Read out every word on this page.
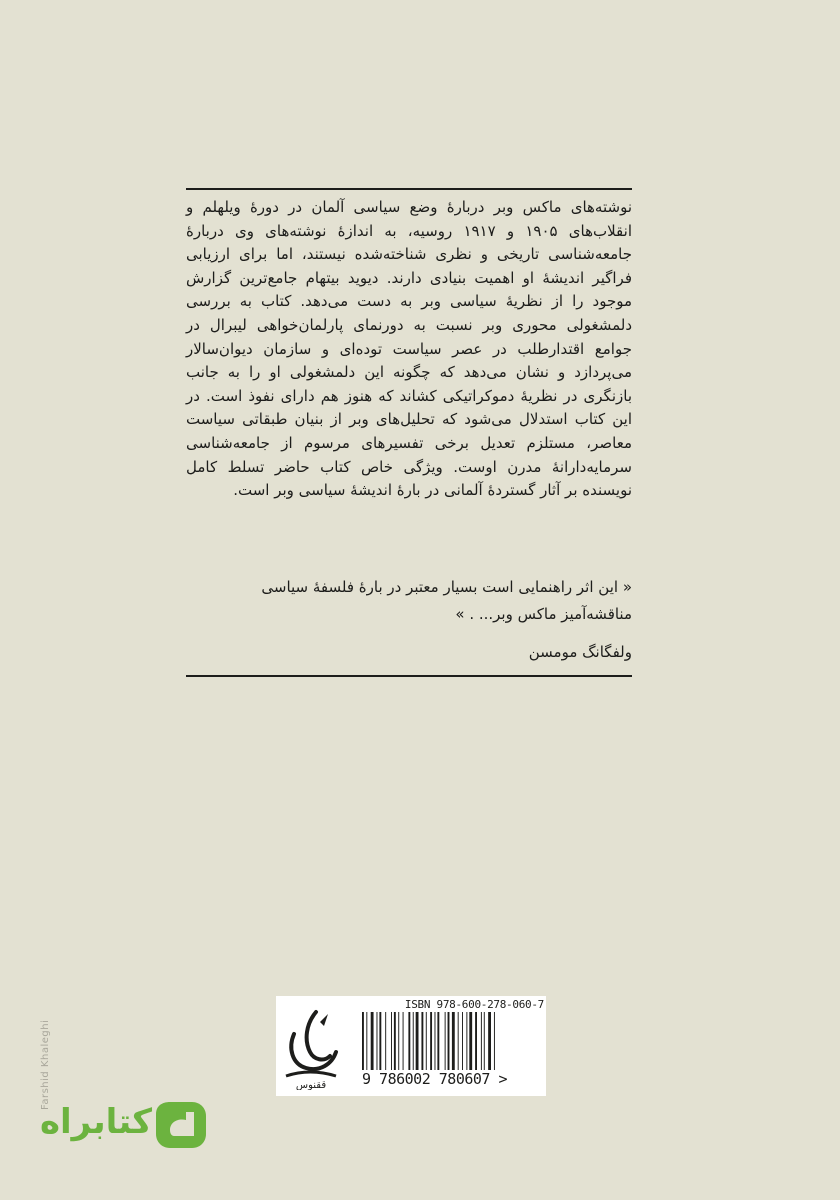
نوشته‌های ماکس وبر دربارهٔ وضع سیاسی آلمان در دورهٔ ویلهلم و انقلاب‌های ۱۹۰۵ و ۱۹۱۷ روسیه، به اندازهٔ نوشته‌های وی دربارهٔ جامعه‌شناسی تاریخی و نظری شناخته‌شده نیستند، اما برای ارزیابی فراگیر اندیشهٔ او اهمیت بنیادی دارند. دیوید بیتهام جامع‌ترین گزارش موجود را از نظریهٔ سیاسی وبر به دست می‌دهد. کتاب به بررسی دلمشغولی محوری وبر نسبت به دورنمای پارلمان‌خواهی لیبرال در جوامع اقتدارطلب در عصر سیاست توده‌ای و سازمان دیوان‌سالار می‌پردازد و نشان می‌دهد که چگونه این دلمشغولی او را به جانب بازنگری در نظریهٔ دموکراتیکی کشاند که هنوز هم دارای نفوذ است. در این کتاب استدلال می‌شود که تحلیل‌های وبر از بنیان طبقاتی سیاست معاصر، مستلزم تعدیل برخی تفسیرهای مرسوم از جامعه‌شناسی سرمایه‌دارانهٔ مدرن اوست. ویژگی خاص کتاب حاضر تسلط کامل نویسنده بر آثار گستردهٔ آلمانی در بارهٔ اندیشهٔ سیاسی وبر است.

« این اثر راهنمایی است بسیار معتبر در بارهٔ فلسفهٔ سیاسی مناقشه‌آمیز ماکس وبر... . »

ولفگانگ مومسن

Farshid Khaleghi	ققنوس
ISBN 978-600-278-060-7
9 786002 780607 >
کتابراه
